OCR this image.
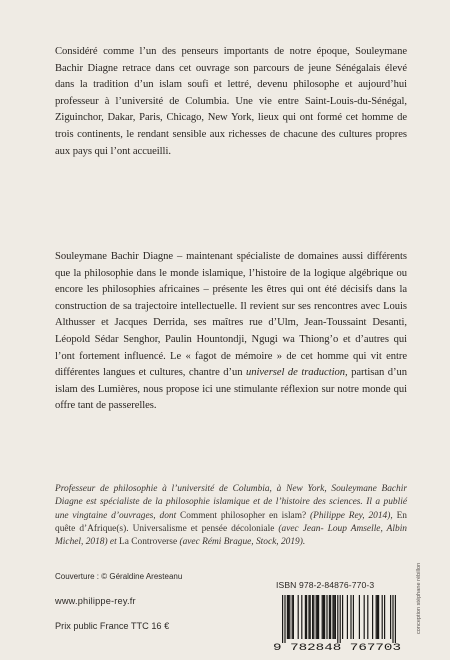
Considéré comme l’un des penseurs importants de notre époque, Souleymane Bachir Diagne retrace dans cet ouvrage son parcours de jeune Sénégalais élevé dans la tradition d’un islam soufi et lettré, devenu philosophe et aujourd’hui professeur à l’université de Columbia. Une vie entre Saint-Louis-du-Sénégal, Ziguinchor, Dakar, Paris, Chicago, New York, lieux qui ont formé cet homme de trois continents, le rendant sensible aux richesses de chacune des cultures propres aux pays qui l’ont accueilli.

Souleymane Bachir Diagne – maintenant spécialiste de domaines aussi différents que la philosophie dans le monde islamique, l’histoire de la logique algébrique ou encore les philosophies africaines – présente les êtres qui ont été décisifs dans la construction de sa trajectoire intellectuelle. Il revient sur ses rencontres avec Louis Althusser et Jacques Derrida, ses maîtres rue d’Ulm, Jean-Toussaint Desanti, Léopold Sédar Senghor, Paulin Hountondji, Ngugi wa Thiong’o et d’autres qui l’ont fortement influencé. Le « fagot de mémoire » de cet homme qui vit entre différentes langues et cultures, chantre d’un universel de traduction, partisan d’un islam des Lumières, nous propose ici une stimulante réflexion sur notre monde qui offre tant de passerelles.

Professeur de philosophie à l’université de Columbia, à New York, Souleymane Bachir Diagne est spécialiste de la philosophie islamique et de l’histoire des sciences. Il a publié une vingtaine d’ouvrages, dont Comment philosopher en islam? (Philippe Rey, 2014), En quête d’Afrique(s). Universalisme et pensée décoloniale (avec Jean- Loup Amselle, Albin Michel, 2018) et La Controverse (avec Rémi Brague, Stock, 2019).

Couverture : © Géraldine Aresteanu
www.philippe-rey.fr
Prix public France TTC 16 €
ISBN 978-2-84876-770-3
9 782848 767703
conception stéphane rébillon
